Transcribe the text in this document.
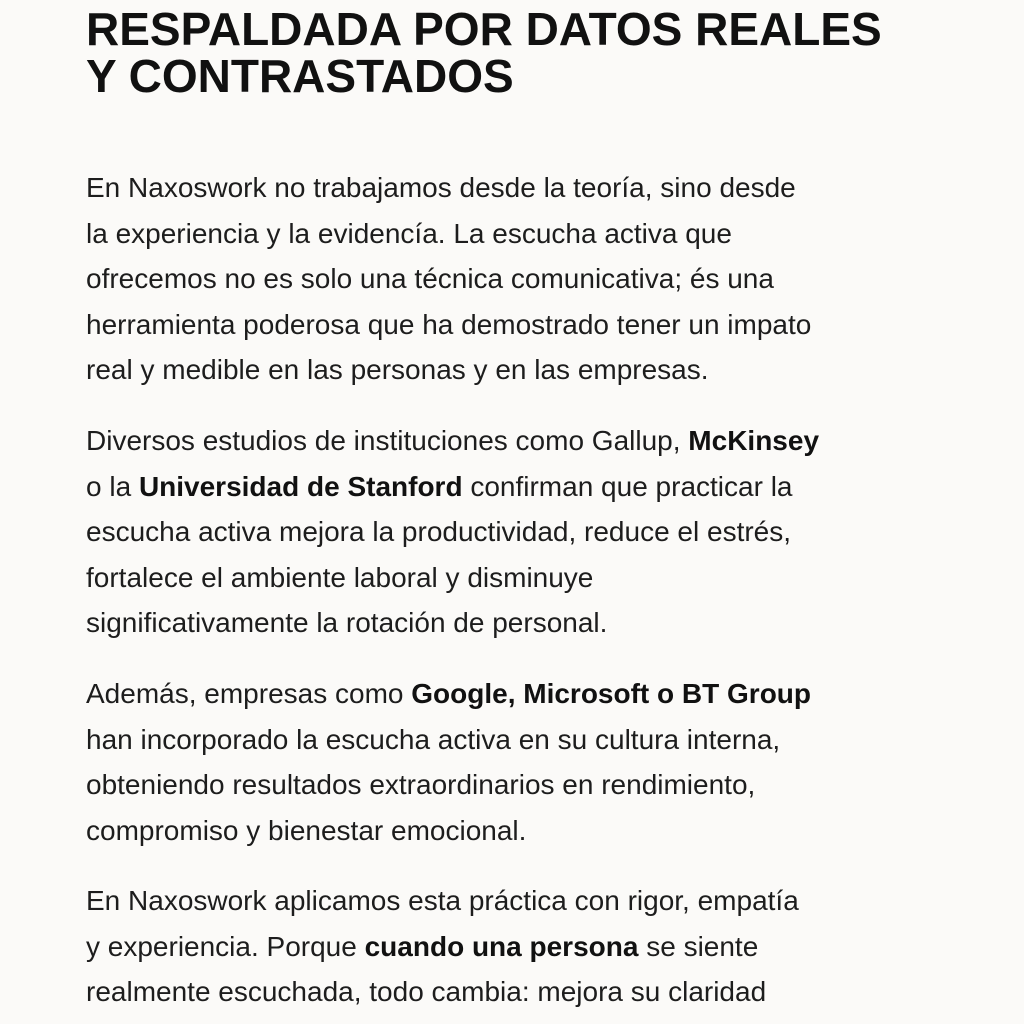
RESPALDADA POR DATOS REALES
Y CONTRASTADOS

En Naxoswork no trabajamos desde la teoría, sino desde
la experiencia y la evidencía. La escucha activa que
ofrecemos no es solo una técnica comunicativa; és una
herramienta poderosa que ha demostrado tener un impato
real y medible en las personas y en las empresas.

Diversos estudios de instituciones como Gallup, McKinsey
o la Universidad de Stanford confirman que practicar la
escucha activa mejora la productividad, reduce el estrés,
fortalece el ambiente laboral y disminuye
significativamente la rotación de personal.

Además, empresas como Google, Microsoft o BT Group
han incorporado la escucha activa en su cultura interna,
obteniendo resultados extraordinarios en rendimiento,
compromiso y bienestar emocional.

En Naxoswork aplicamos esta práctica con rigor, empatía
y experiencia. Porque cuando una persona se siente
realmente escuchada, todo cambia: mejora su claridad
